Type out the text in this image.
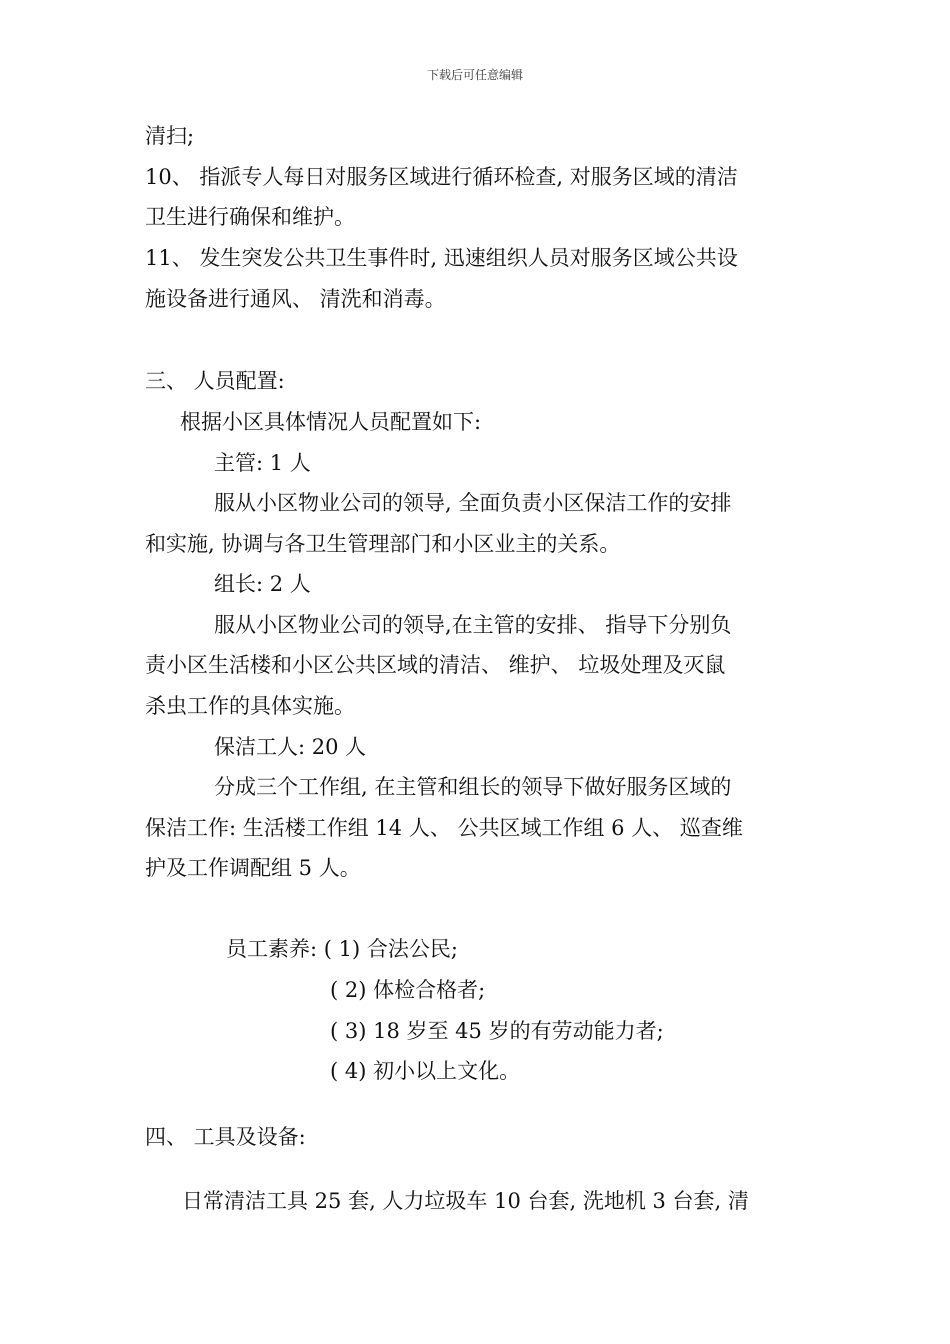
下载后可任意编辑
清扫;
10、 指派专人每日对服务区域进行循环检查, 对服务区域的清洁
卫生进行确保和维护。
11、 发生突发公共卫生事件时, 迅速组织人员对服务区域公共设
施设备进行通风、 清洗和消毒。
三、 人员配置:
根据小区具体情况人员配置如下:
主管: 1 人
服从小区物业公司的领导, 全面负责小区保洁工作的安排
和实施, 协调与各卫生管理部门和小区业主的关系。
组长: 2 人
服从小区物业公司的领导,在主管的安排、 指导下分别负
责小区生活楼和小区公共区域的清洁、 维护、 垃圾处理及灭鼠
杀虫工作的具体实施。
保洁工人: 20 人
分成三个工作组, 在主管和组长的领导下做好服务区域的
保洁工作: 生活楼工作组 14 人、 公共区域工作组 6 人、 巡查维
护及工作调配组 5 人。
员工素养: ( 1) 合法公民;
( 2) 体检合格者;
( 3) 18 岁至 45 岁的有劳动能力者;
( 4) 初小以上文化。
四、 工具及设备:
日常清洁工具 25 套, 人力垃圾车 10 台套, 洗地机 3 台套, 清
